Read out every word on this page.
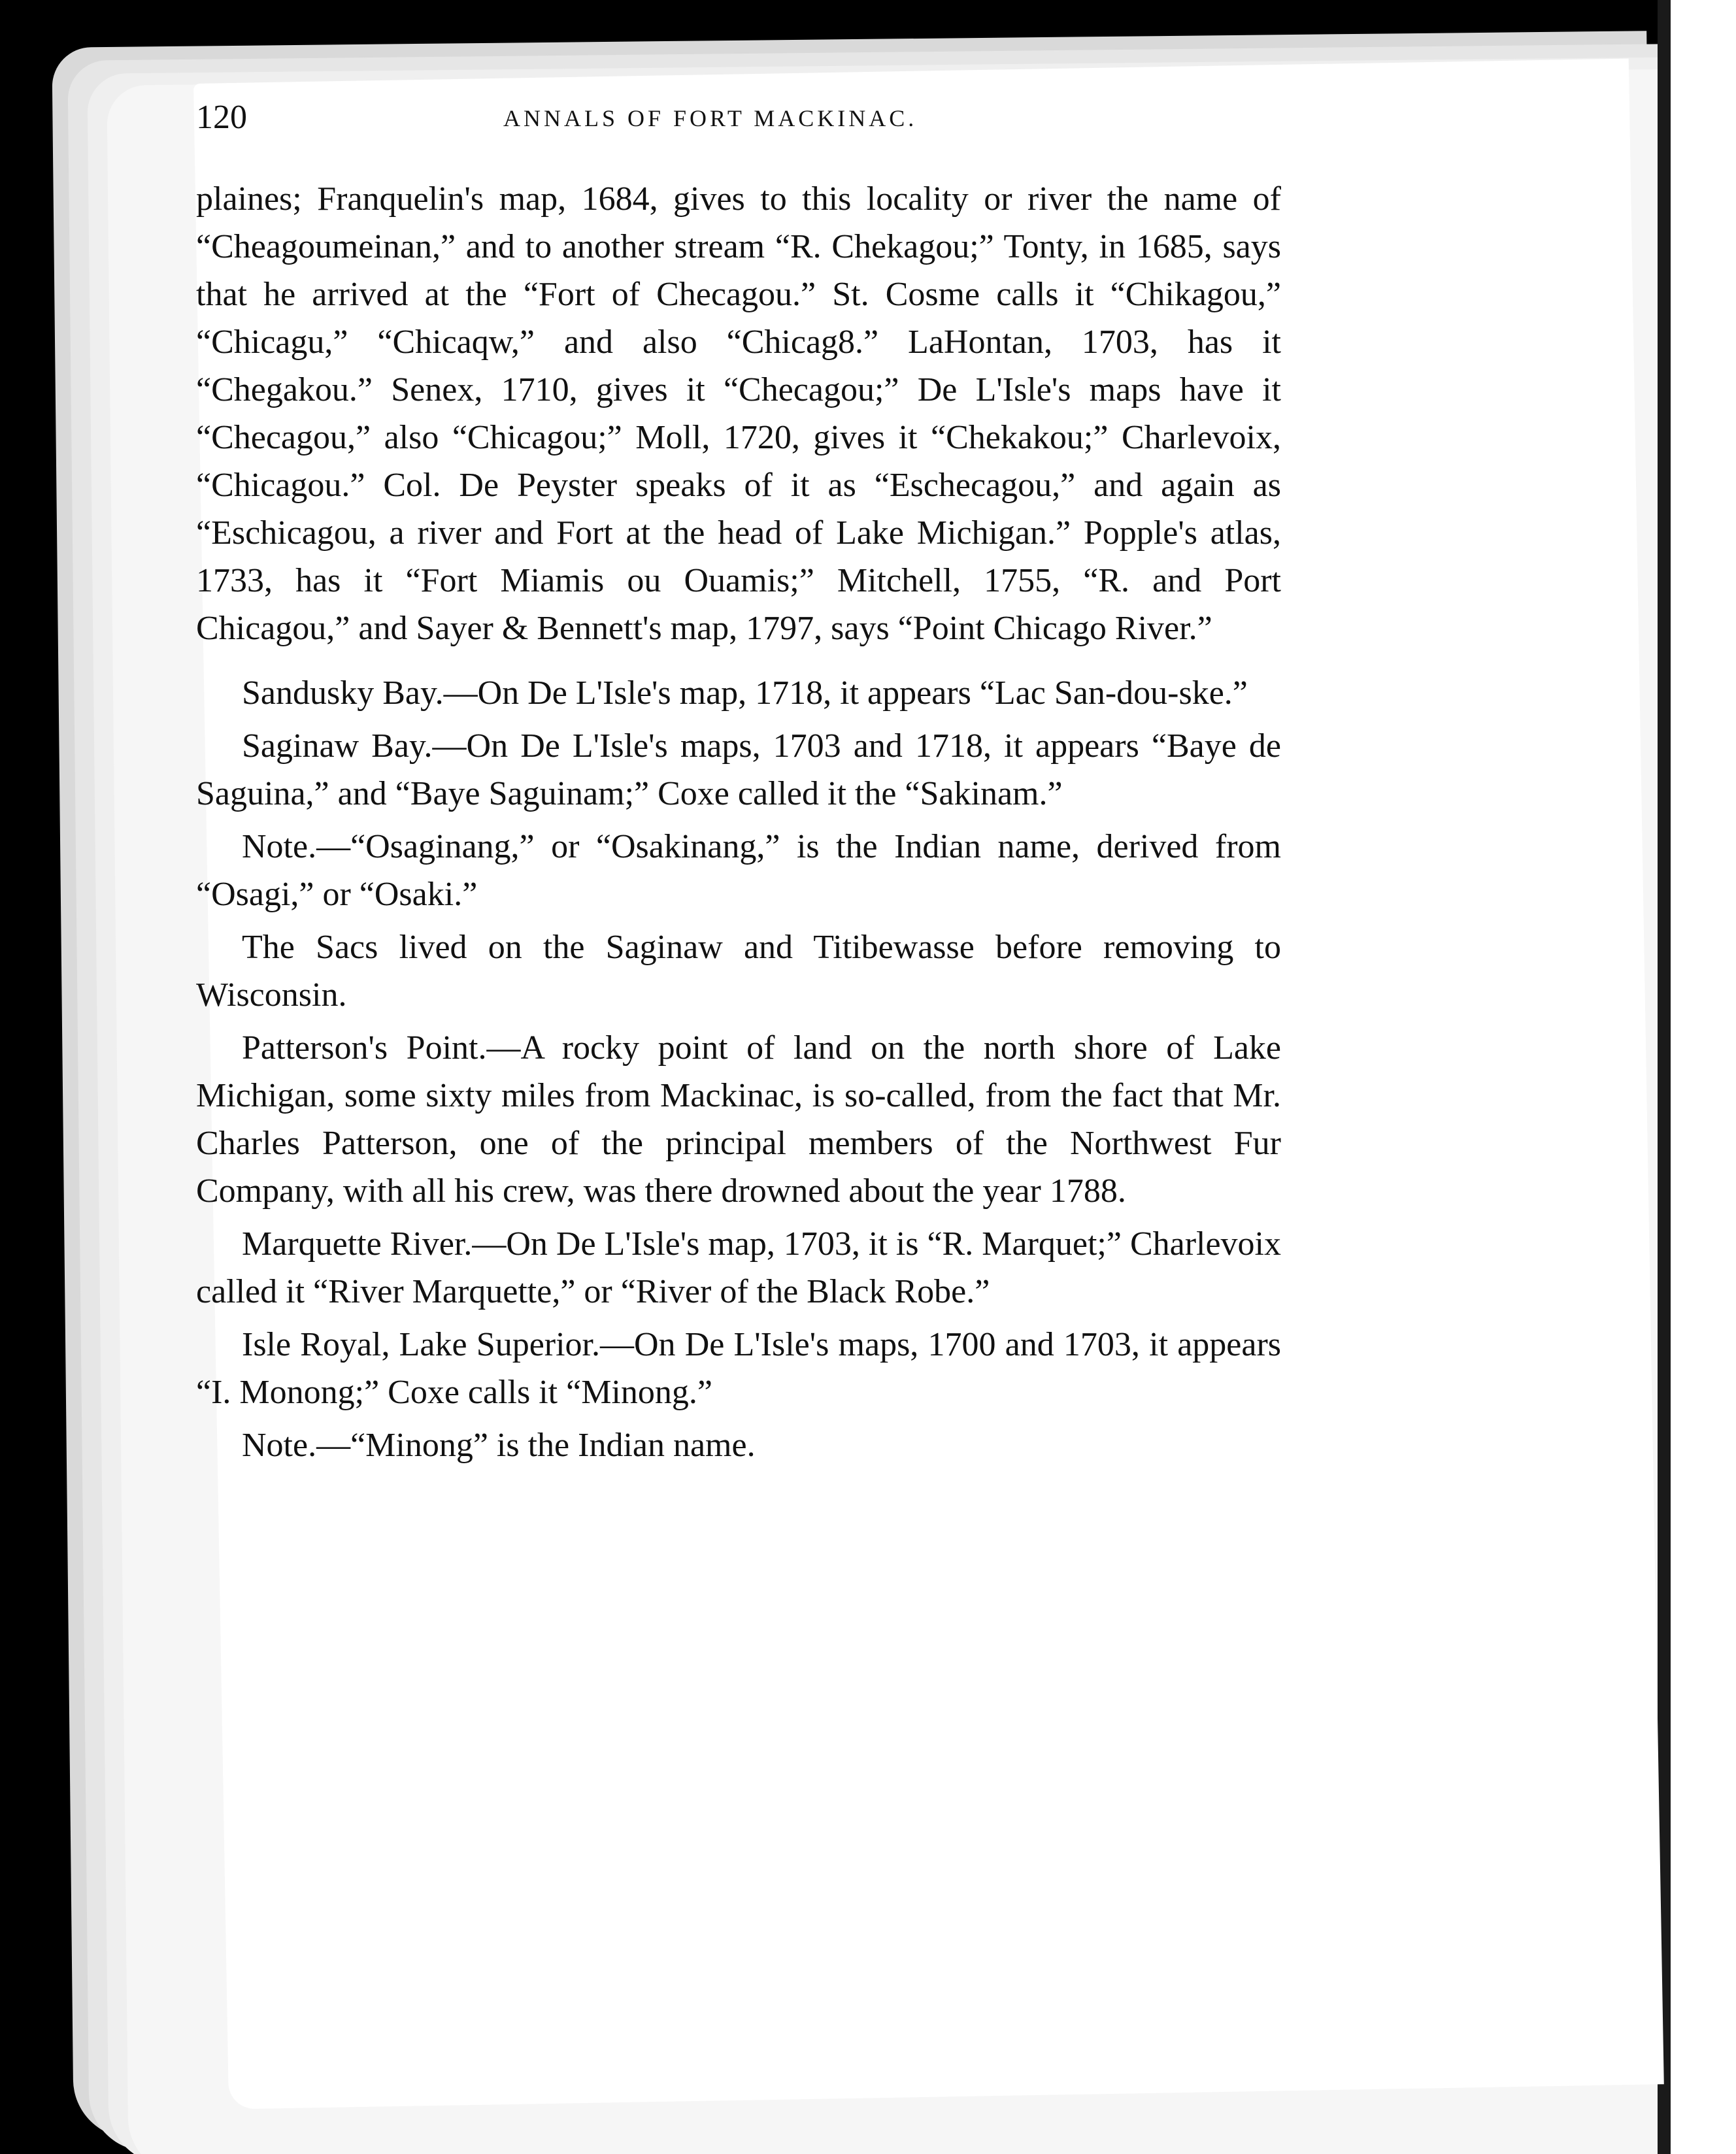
120	ANNALS OF FORT MACKINAC.

plaines; Franquelin's map, 1684, gives to this locality or river the name of “Cheagoumeinan,” and to another stream “R. Chekagou;” Tonty, in 1685, says that he arrived at the “Fort of Checagou.” St. Cosme calls it “Chikagou,” “Chicagu,” “Chicaqw,” and also “Chicag8.” LaHontan, 1703, has it “Chegakou.” Senex, 1710, gives it “Checagou;” De L'Isle's maps have it “Checagou,” also “Chicagou;” Moll, 1720, gives it “Chekakou;” Charlevoix, “Chicagou.” Col. De Peyster speaks of it as “Eschecagou,” and again as “Eschicagou, a river and Fort at the head of Lake Michigan.” Popple's atlas, 1733, has it “Fort Miamis ou Ouamis;” Mitchell, 1755, “R. and Port Chicagou,” and Sayer & Bennett's map, 1797, says “Point Chicago River.”

Sandusky Bay.—On De L'Isle's map, 1718, it appears “Lac San-dou-ske.”

Saginaw Bay.—On De L'Isle's maps, 1703 and 1718, it appears “Baye de Saguina,” and “Baye Saguinam;” Coxe called it the “Sakinam.”

Note.—“Osaginang,” or “Osakinang,” is the Indian name, derived from “Osagi,” or “Osaki.”

The Sacs lived on the Saginaw and Titibewasse before removing to Wisconsin.

Patterson's Point.—A rocky point of land on the north shore of Lake Michigan, some sixty miles from Mackinac, is so-called, from the fact that Mr. Charles Patterson, one of the principal members of the Northwest Fur Company, with all his crew, was there drowned about the year 1788.

Marquette River.—On De L'Isle's map, 1703, it is “R. Marquet;” Charlevoix called it “River Marquette,” or “River of the Black Robe.”

Isle Royal, Lake Superior.—On De L'Isle's maps, 1700 and 1703, it appears “I. Monong;” Coxe calls it “Minong.”

Note.—“Minong” is the Indian name.
